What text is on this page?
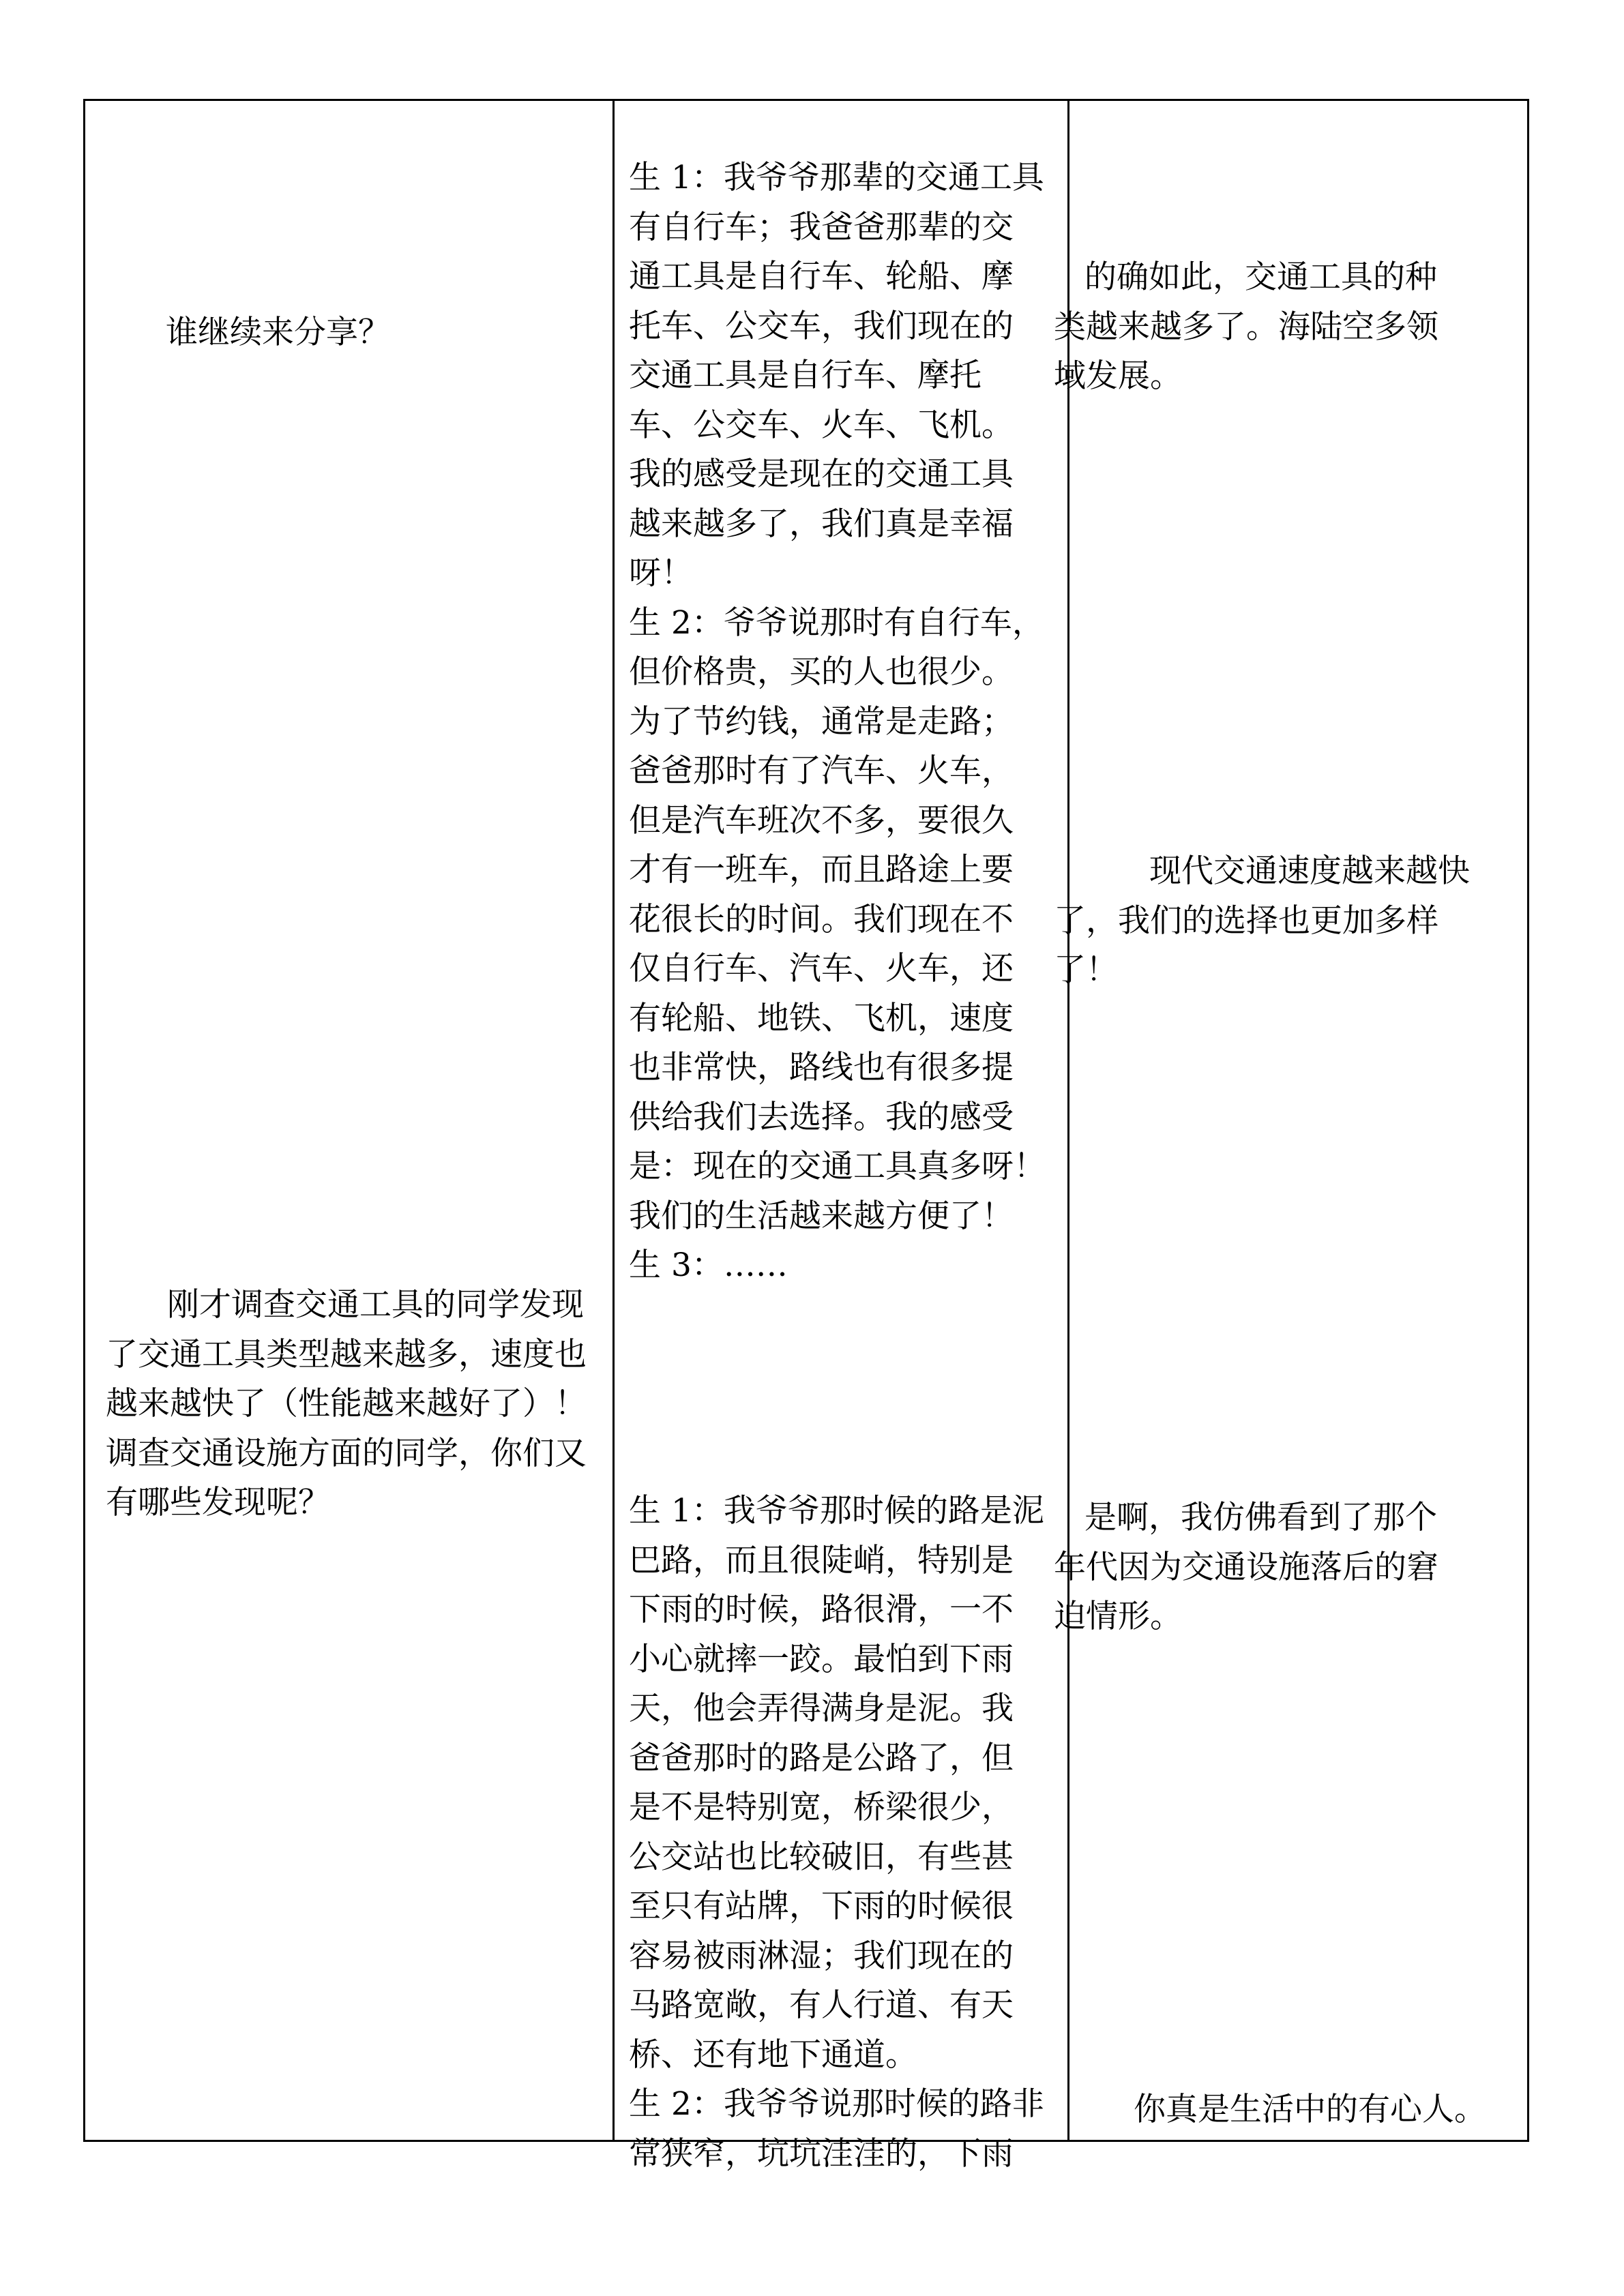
谁继续来分享？
刚才调查交通工具的同学发现
了交通工具类型越来越多，速度也
越来越快了（性能越来越好了）！
调查交通设施方面的同学，你们又
有哪些发现呢？
生 1：我爷爷那辈的交通工具
有自行车；我爸爸那辈的交
通工具是自行车、轮船、摩
托车、公交车，我们现在的
交通工具是自行车、摩托
车、公交车、火车、飞机。
我的感受是现在的交通工具
越来越多了，我们真是幸福
呀！
生 2：爷爷说那时有自行车，
但价格贵，买的人也很少。
为了节约钱，通常是走路；
爸爸那时有了汽车、火车，
但是汽车班次不多，要很久
才有一班车，而且路途上要
花很长的时间。我们现在不
仅自行车、汽车、火车，还
有轮船、地铁、飞机，速度
也非常快，路线也有很多提
供给我们去选择。我的感受
是：现在的交通工具真多呀！
我们的生活越来越方便了！
生 3：……
生 1：我爷爷那时候的路是泥
巴路，而且很陡峭，特别是
下雨的时候，路很滑，一不
小心就摔一跤。最怕到下雨
天，他会弄得满身是泥。我
爸爸那时的路是公路了，但
是不是特别宽，桥梁很少，
公交站也比较破旧，有些甚
至只有站牌，下雨的时候很
容易被雨淋湿；我们现在的
马路宽敞，有人行道、有天
桥、还有地下通道。
生 2：我爷爷说那时候的路非
常狭窄，坑坑洼洼的，下雨
的确如此，交通工具的种
类越来越多了。海陆空多领
域发展。
现代交通速度越来越快
了，我们的选择也更加多样
了！
是啊，我仿佛看到了那个
年代因为交通设施落后的窘
迫情形。
你真是生活中的有心人。
